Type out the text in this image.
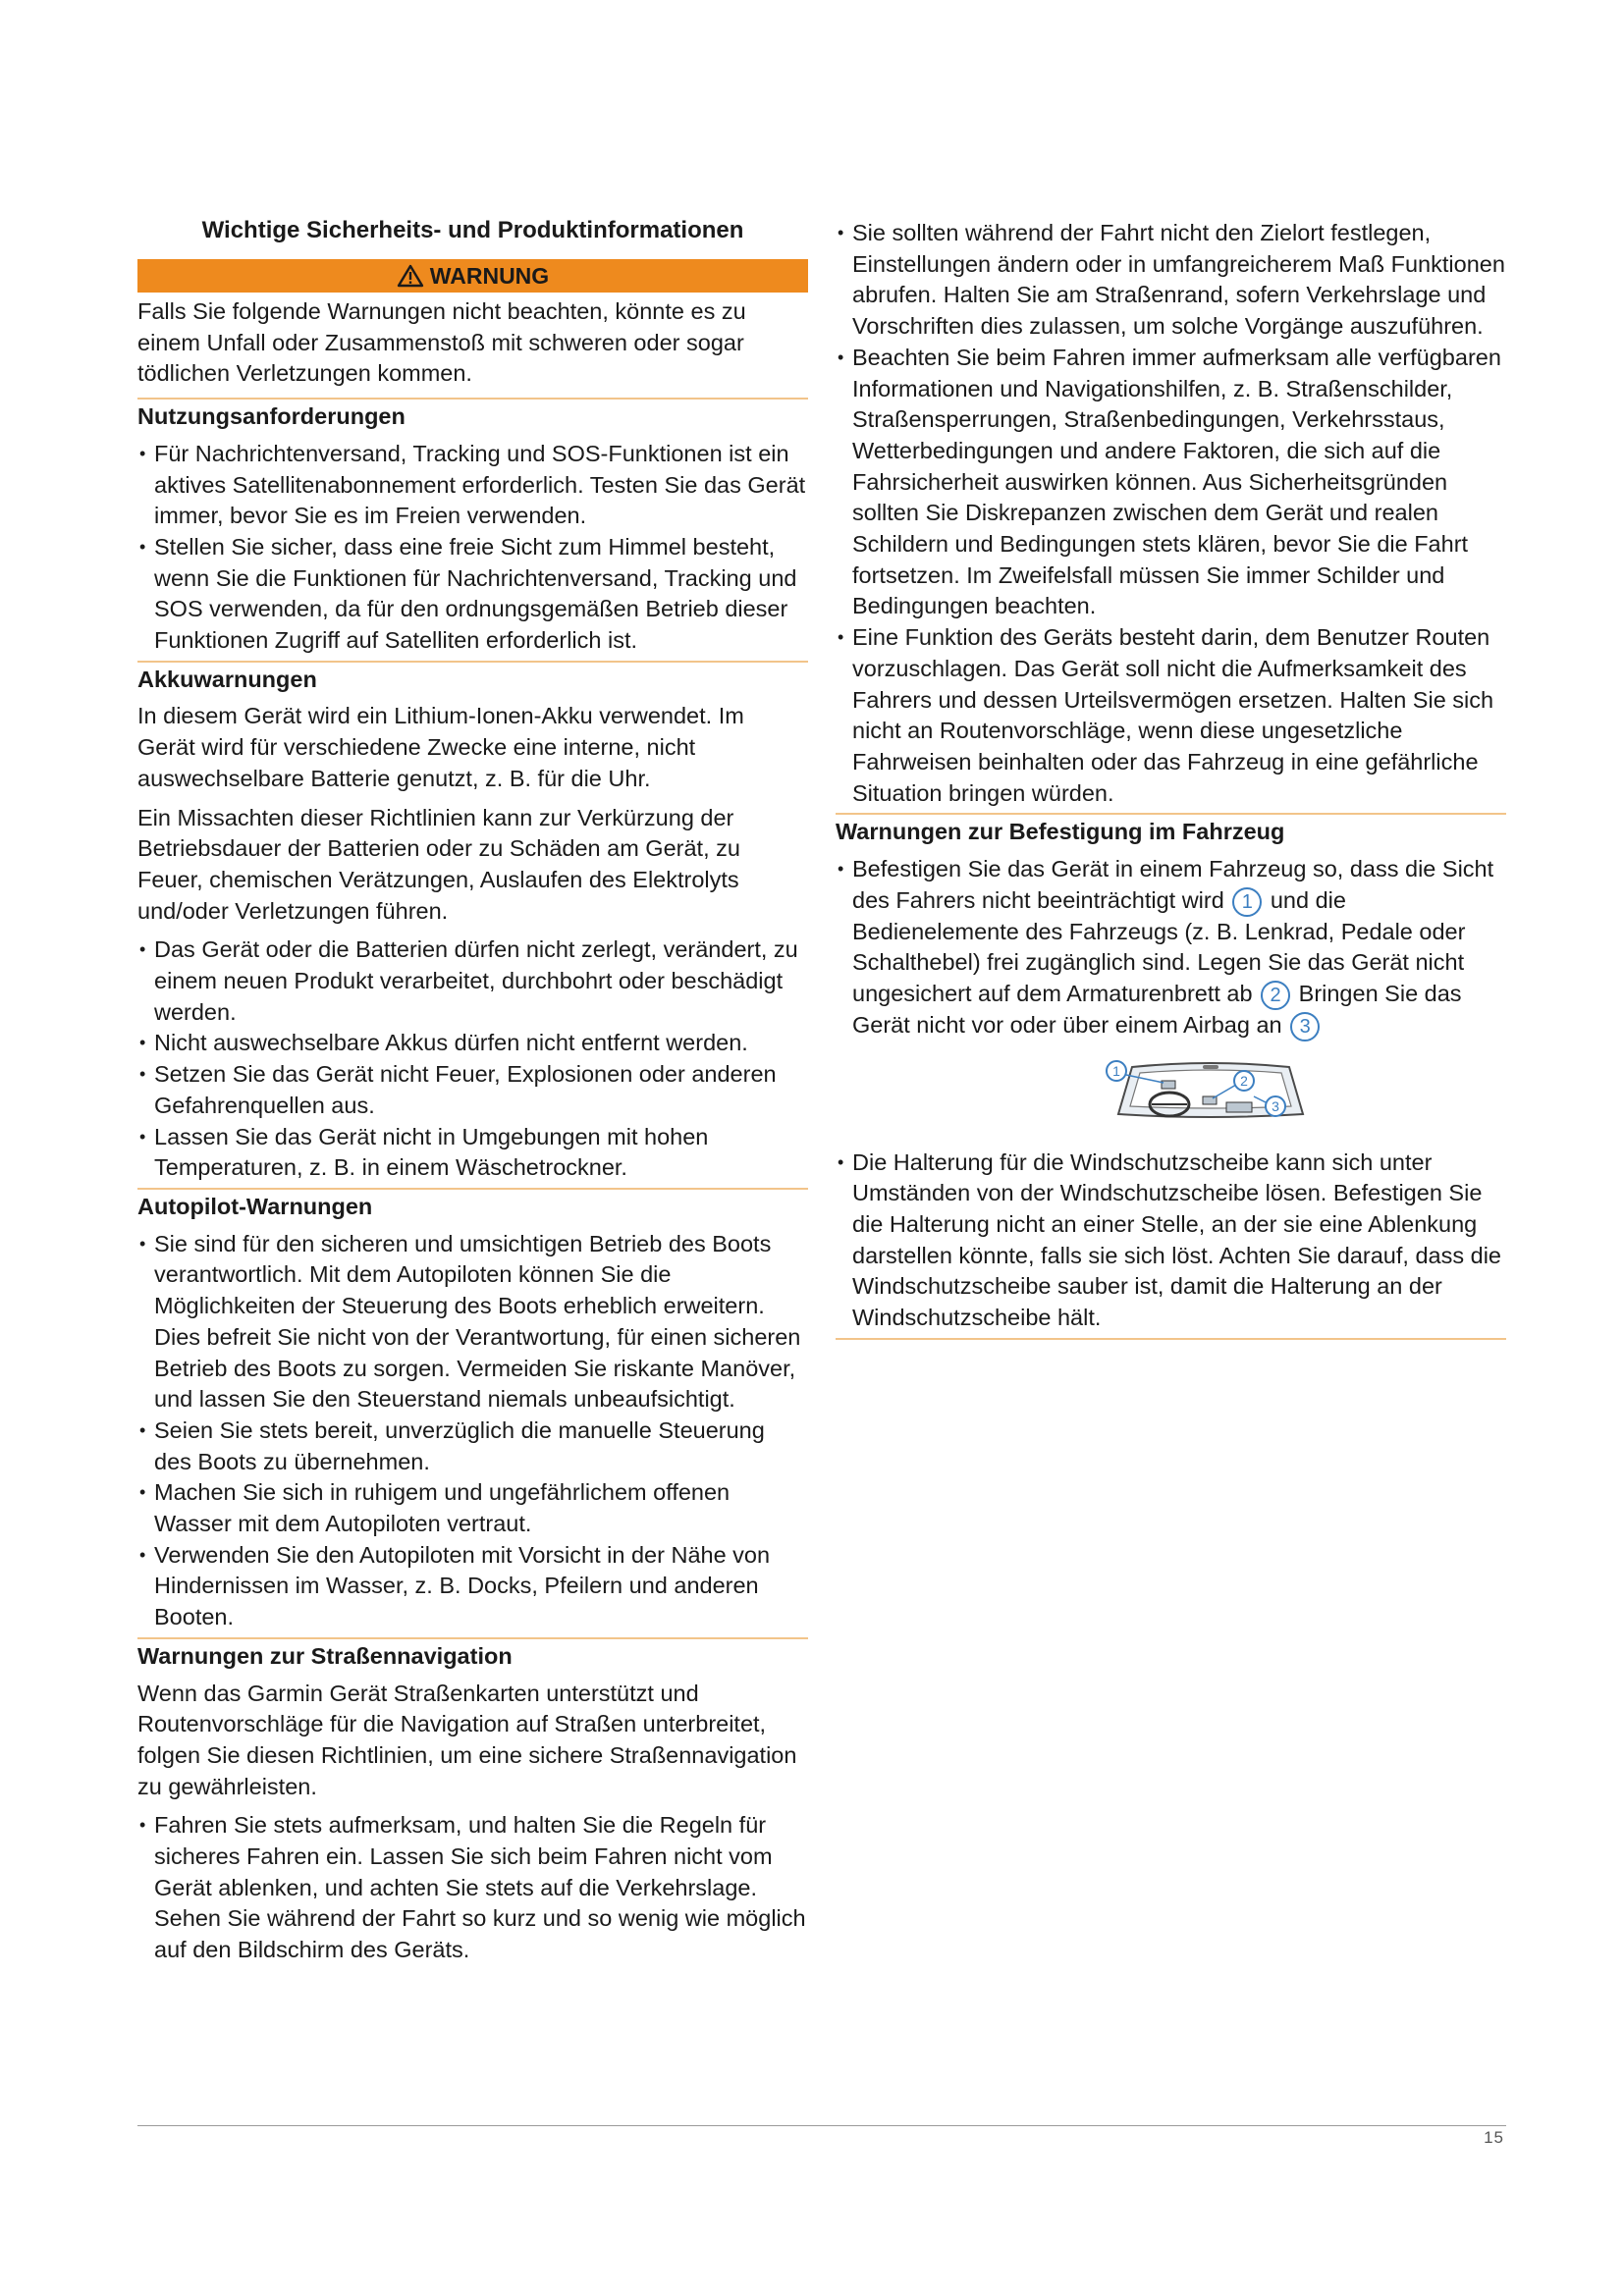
Wichtige Sicherheits- und Produktinformationen
WARNUNG

Falls Sie folgende Warnungen nicht beachten, könnte es zu einem Unfall oder Zusammenstoß mit schweren oder sogar tödlichen Verletzungen kommen.

Nutzungsanforderungen
• Für Nachrichtenversand, Tracking und SOS-Funktionen ist ein aktives Satellitenabonnement erforderlich. Testen Sie das Gerät immer, bevor Sie es im Freien verwenden.
• Stellen Sie sicher, dass eine freie Sicht zum Himmel besteht, wenn Sie die Funktionen für Nachrichtenversand, Tracking und SOS verwenden, da für den ordnungsgemäßen Betrieb dieser Funktionen Zugriff auf Satelliten erforderlich ist.
Akkuwarnungen

In diesem Gerät wird ein Lithium-Ionen-Akku verwendet. Im Gerät wird für verschiedene Zwecke eine interne, nicht auswechselbare Batterie genutzt, z. B. für die Uhr.

Ein Missachten dieser Richtlinien kann zur Verkürzung der Betriebsdauer der Batterien oder zu Schäden am Gerät, zu Feuer, chemischen Verätzungen, Auslaufen des Elektrolyts und/oder Verletzungen führen.

• Das Gerät oder die Batterien dürfen nicht zerlegt, verändert, zu einem neuen Produkt verarbeitet, durchbohrt oder beschädigt werden.
• Nicht auswechselbare Akkus dürfen nicht entfernt werden.
• Setzen Sie das Gerät nicht Feuer, Explosionen oder anderen Gefahrenquellen aus.
• Lassen Sie das Gerät nicht in Umgebungen mit hohen Temperaturen, z. B. in einem Wäschetrockner.
Autopilot-Warnungen
• Sie sind für den sicheren und umsichtigen Betrieb des Boots verantwortlich. Mit dem Autopiloten können Sie die Möglichkeiten der Steuerung des Boots erheblich erweitern. Dies befreit Sie nicht von der Verantwortung, für einen sicheren Betrieb des Boots zu sorgen. Vermeiden Sie riskante Manöver, und lassen Sie den Steuerstand niemals unbeaufsichtigt.
• Seien Sie stets bereit, unverzüglich die manuelle Steuerung des Boots zu übernehmen.
• Machen Sie sich in ruhigem und ungefährlichem offenen Wasser mit dem Autopiloten vertraut.
• Verwenden Sie den Autopiloten mit Vorsicht in der Nähe von Hindernissen im Wasser, z. B. Docks, Pfeilern und anderen Booten.
Warnungen zur Straßennavigation

Wenn das Garmin Gerät Straßenkarten unterstützt und Routenvorschläge für die Navigation auf Straßen unterbreitet, folgen Sie diesen Richtlinien, um eine sichere Straßennavigation zu gewährleisten.

• Fahren Sie stets aufmerksam, und halten Sie die Regeln für sicheres Fahren ein. Lassen Sie sich beim Fahren nicht vom Gerät ablenken, und achten Sie stets auf die Verkehrslage. Sehen Sie während der Fahrt so kurz und so wenig wie möglich auf den Bildschirm des Geräts.
• Sie sollten während der Fahrt nicht den Zielort festlegen, Einstellungen ändern oder in umfangreicherem Maß Funktionen abrufen. Halten Sie am Straßenrand, sofern Verkehrslage und Vorschriften dies zulassen, um solche Vorgänge auszuführen.
• Beachten Sie beim Fahren immer aufmerksam alle verfügbaren Informationen und Navigationshilfen, z. B. Straßenschilder, Straßensperrungen, Straßenbedingungen, Verkehrsstaus, Wetterbedingungen und andere Faktoren, die sich auf die Fahrsicherheit auswirken können. Aus Sicherheitsgründen sollten Sie Diskrepanzen zwischen dem Gerät und realen Schildern und Bedingungen stets klären, bevor Sie die Fahrt fortsetzen. Im Zweifelsfall müssen Sie immer Schilder und Bedingungen beachten.
• Eine Funktion des Geräts besteht darin, dem Benutzer Routen vorzuschlagen. Das Gerät soll nicht die Aufmerksamkeit des Fahrers und dessen Urteilsvermögen ersetzen. Halten Sie sich nicht an Routenvorschläge, wenn diese ungesetzliche Fahrweisen beinhalten oder das Fahrzeug in eine gefährliche Situation bringen würden.
Warnungen zur Befestigung im Fahrzeug
• Befestigen Sie das Gerät in einem Fahrzeug so, dass die Sicht des Fahrers nicht beeinträchtigt wird 1 und die Bedienelemente des Fahrzeugs (z. B. Lenkrad, Pedale oder Schalthebel) frei zugänglich sind. Legen Sie das Gerät nicht ungesichert auf dem Armaturenbrett ab 2 Bringen Sie das Gerät nicht vor oder über einem Airbag an 3
1
2
3
• Die Halterung für die Windschutzscheibe kann sich unter Umständen von der Windschutzscheibe lösen. Befestigen Sie die Halterung nicht an einer Stelle, an der sie eine Ablenkung darstellen könnte, falls sie sich löst. Achten Sie darauf, dass die Windschutzscheibe sauber ist, damit die Halterung an der Windschutzscheibe hält.
15
